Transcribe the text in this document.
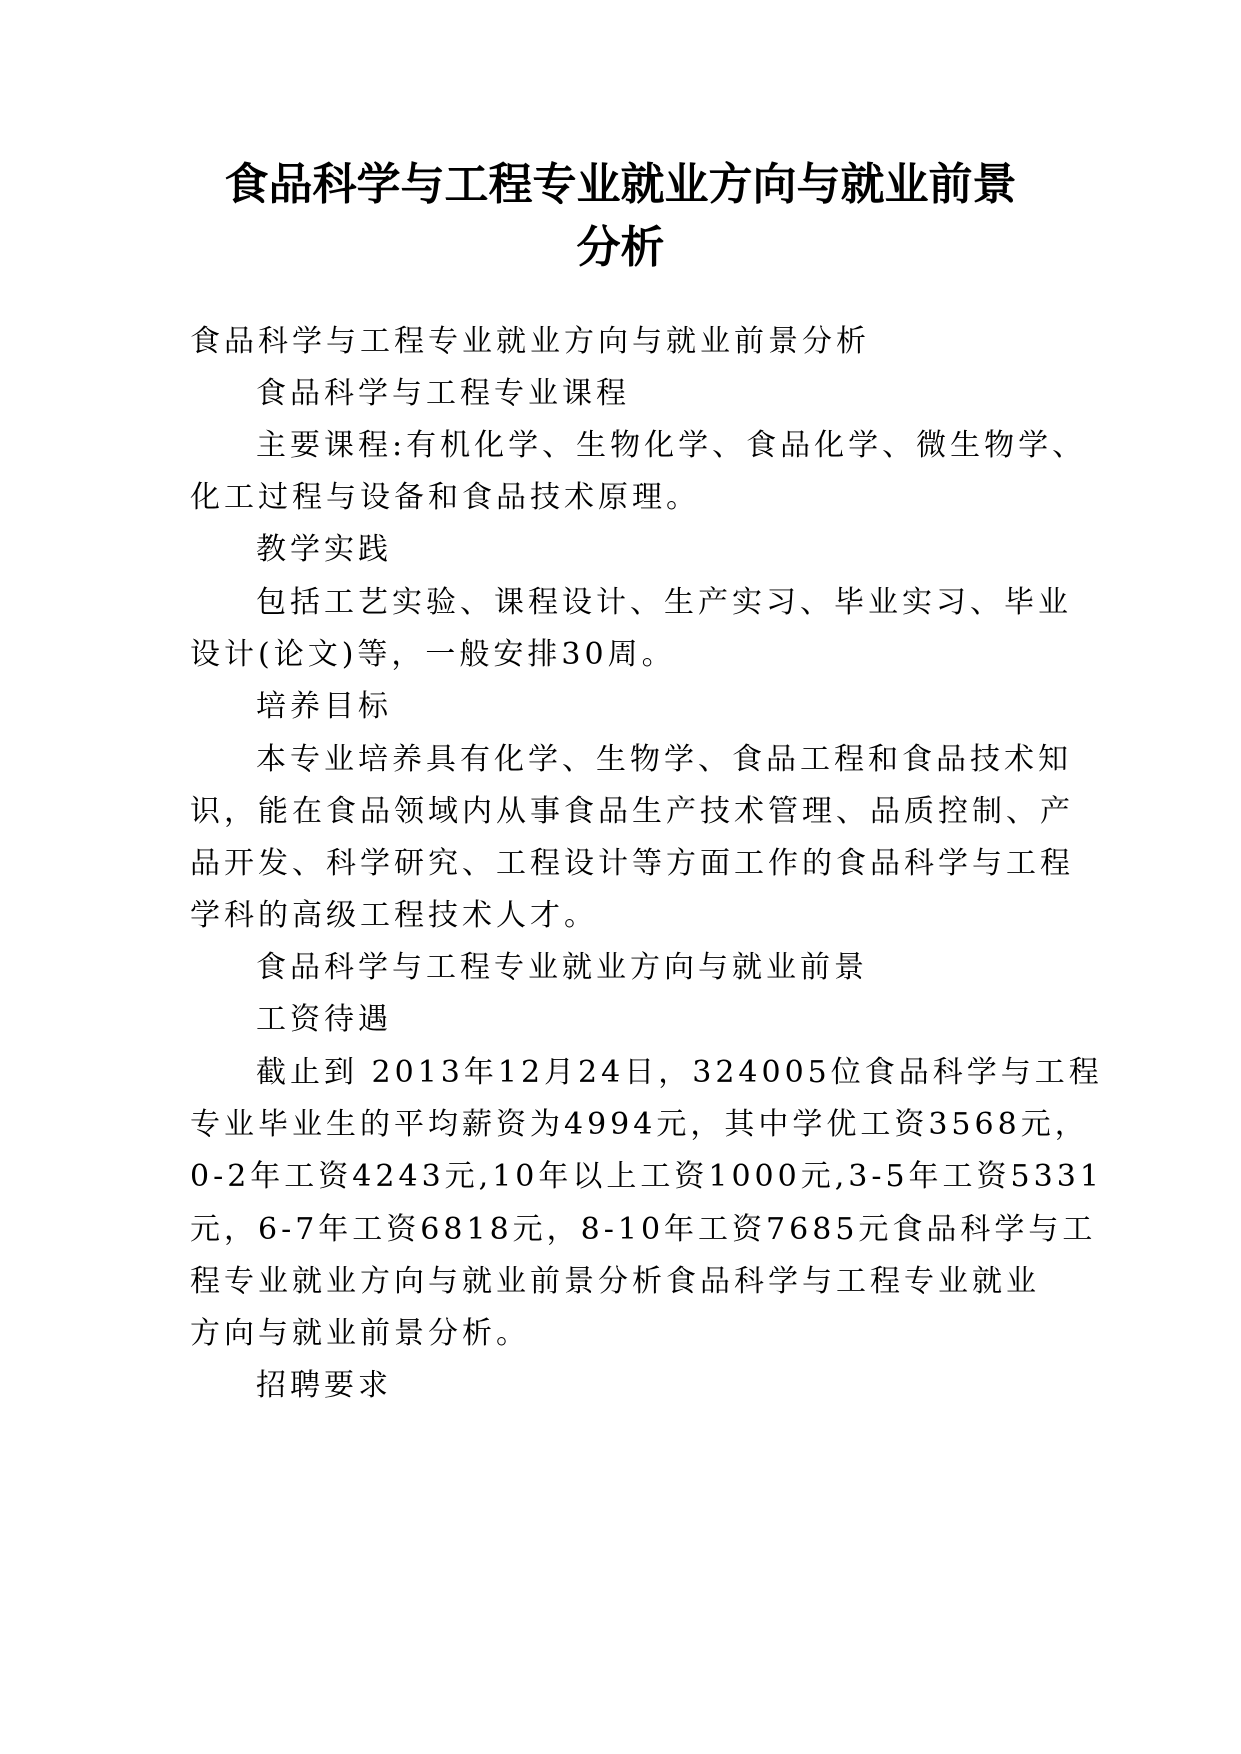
食品科学与工程专业就业方向与就业前景
分析

食品科学与工程专业就业方向与就业前景分析

食品科学与工程专业课程

主要课程:有机化学、生物化学、食品化学、微生物学、

化工过程与设备和食品技术原理。

教学实践

包括工艺实验、课程设计、生产实习、毕业实习、毕业

设计(论文)等，一般安排30周。

培养目标

本专业培养具有化学、生物学、食品工程和食品技术知

识，能在食品领域内从事食品生产技术管理、品质控制、产

品开发、科学研究、工程设计等方面工作的食品科学与工程

学科的高级工程技术人才。

食品科学与工程专业就业方向与就业前景

工资待遇

截止到 2013年12月24日，324005位食品科学与工程

专业毕业生的平均薪资为4994元，其中学优工资3568元，

0-2年工资4243元,10年以上工资1000元,3-5年工资5331

元，6-7年工资6818元，8-10年工资7685元食品科学与工

程专业就业方向与就业前景分析食品科学与工程专业就业

方向与就业前景分析。

招聘要求
